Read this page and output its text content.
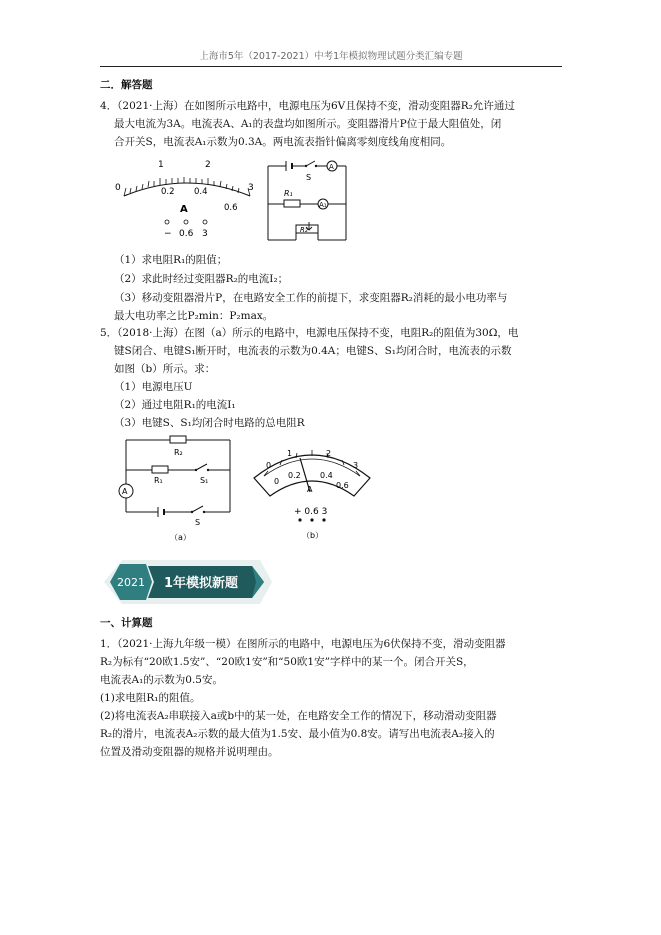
上海市5年（2017-2021）中考1年模拟物理试题分类汇编专题
二．解答题
4．（2021·上海）在如图所示电路中，电源电压为6V且保持不变，滑动变阻器R₂允许通过
最大电流为3A。电流表A、A₁的表盘均如图所示。变阻器滑片P位于最大阻值处，闭
合开关S，电流表A₁示数为0.3A。两电流表指针偏离零刻度线角度相同。
0
1	2
3
0.2 0.4
0.6
A
− 0.6 3
S
A
R₁
A₁
R₂
（1）求电阻R₁的阻值；
（2）求此时经过变阻器R₂的电流I₂；
（3）移动变阻器滑片P，在电路安全工作的前提下，求变阻器R₂消耗的最小电功率与
最大电功率之比P₂min：P₂max。
5．（2018·上海）在图（a）所示的电路中，电源电压保持不变，电阻R₂的阻值为30Ω，电
键S闭合、电键S₁断开时，电流表的示数为0.4A；电键S、S₁均闭合时，电流表的示数
如图（b）所示。求：
（1）电源电压U
（2）通过电阻R₁的电流I₁
（3）电键S、S₁均闭合时电路的总电阻R
R₂
R₁	S₁
A
S
（a）
0
1	2
3
0
0.2 0.4
0.6
A
+ 0.6 3
（b）
2021 1年模拟新题
一、计算题
1．（2021·上海九年级一模）在图所示的电路中，电源电压为6伏保持不变，滑动变阻器
R₂为标有“20欧1.5安”、“20欧1安”和“50欧1安”字样中的某一个。闭合开关S，
电流表A₁的示数为0.5安。
(1)求电阻R₁的阻值。
(2)将电流表A₂串联接入a或b中的某一处，在电路安全工作的情况下，移动滑动变阻器
R₂的滑片，电流表A₂示数的最大值为1.5安、最小值为0.8安。请写出电流表A₂接入的
位置及滑动变阻器的规格并说明理由。
